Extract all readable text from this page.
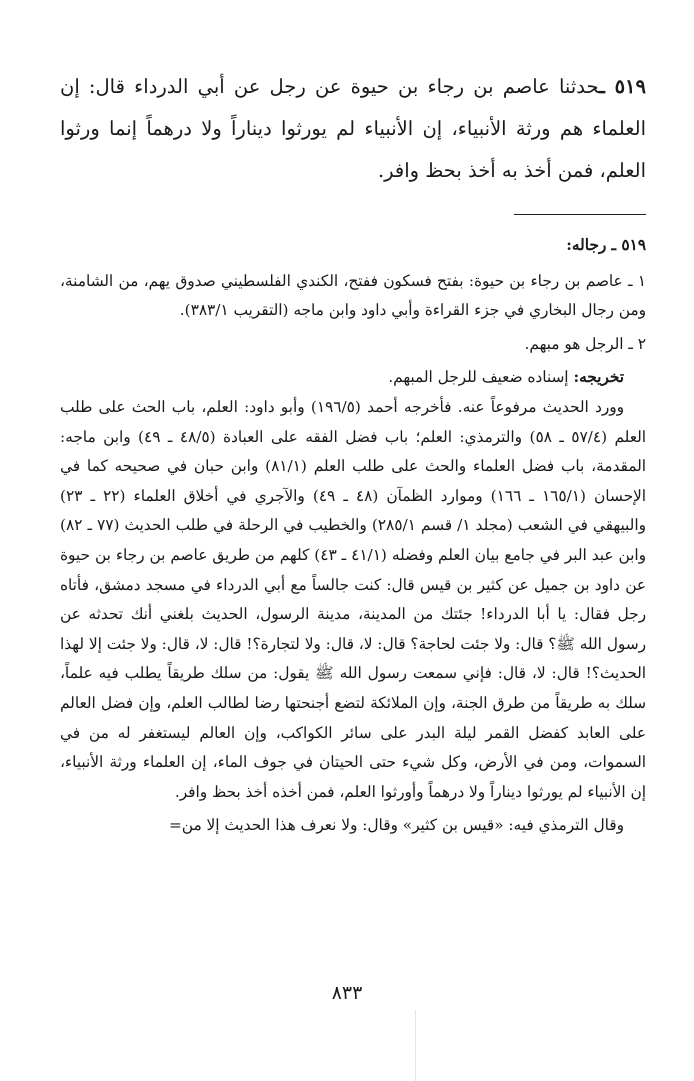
٥١٩ ـحدثنا عاصم بن رجاء بن حيوة عن رجل عن أبي الدرداء قال: إن العلماء هم ورثة الأنبياء، إن الأنبياء لم يورثوا ديناراً ولا درهماً إنما ورثوا العلم، فمن أخذ به أخذ بحظ وافر.

٥١٩ ـ رجاله:

١ ـ عاصم بن رجاء بن حيوة: بفتح فسكون ففتح، الكندي الفلسطيني صدوق يهم، من الشامنة، ومن رجال البخاري في جزء القراءة وأبي داود وابن ماجه (التقريب ٣٨٣/١).

٢ ـ الرجل هو مبهم.

تخريجه: إسناده ضعيف للرجل المبهم.

وورد الحديث مرفوعاً عنه. فأخرجه أحمد (١٩٦/٥) وأبو داود: العلم، باب الحث على طلب العلم (٥٧/٤ ـ ٥٨) والترمذي: العلم؛ باب فضل الفقه على العبادة (٤٨/٥ ـ ٤٩) وابن ماجه: المقدمة، باب فضل العلماء والحث على طلب العلم (٨١/١) وابن حبان في صحيحه كما في الإحسان (١٦٥/١ ـ ١٦٦) وموارد الظمآن (٤٨ ـ ٤٩) والآجري في أخلاق العلماء (٢٢ ـ ٢٣) والبيهقي في الشعب (مجلد ١/ قسم ٢٨٥/١) والخطيب في الرحلة في طلب الحديث (٧٧ ـ ٨٢) وابن عبد البر في جامع بيان العلم وفضله (٤١/١ ـ ٤٣) كلهم من طريق عاصم بن رجاء بن حيوة عن داود بن جميل عن كثير بن قيس قال: كنت جالساً مع أبي الدرداء في مسجد دمشق، فأتاه رجل فقال: يا أبا الدرداء! جئتك من المدينة، مدينة الرسول، الحديث بلغني أنك تحدثه عن رسول الله ﷺ؟ قال: ولا جئت لحاجة؟ قال: لا، قال: ولا لتجارة؟! قال: لا، قال: ولا جئت إلا لهذا الحديث؟! قال: لا، قال: فإني سمعت رسول الله ﷺ يقول: من سلك طريقاً يطلب فيه علماً، سلك به طريقاً من طرق الجنة، وإن الملائكة لتضع أجنحتها رضا لطالب العلم، وإن فضل العالم على العابد كفضل القمر ليلة البدر على سائر الكواكب، وإن العالم ليستغفر له من في السموات، ومن في الأرض، وكل شيء حتى الحيتان في جوف الماء، إن العلماء ورثة الأنبياء، إن الأنبياء لم يورثوا ديناراً ولا درهماً وأورثوا العلم، فمن أخذه أخذ بحظ وافر.

وقال الترمذي فيه: «قيس بن كثير» وقال: ولا نعرف هذا الحديث إلا من=

٨٣٣
